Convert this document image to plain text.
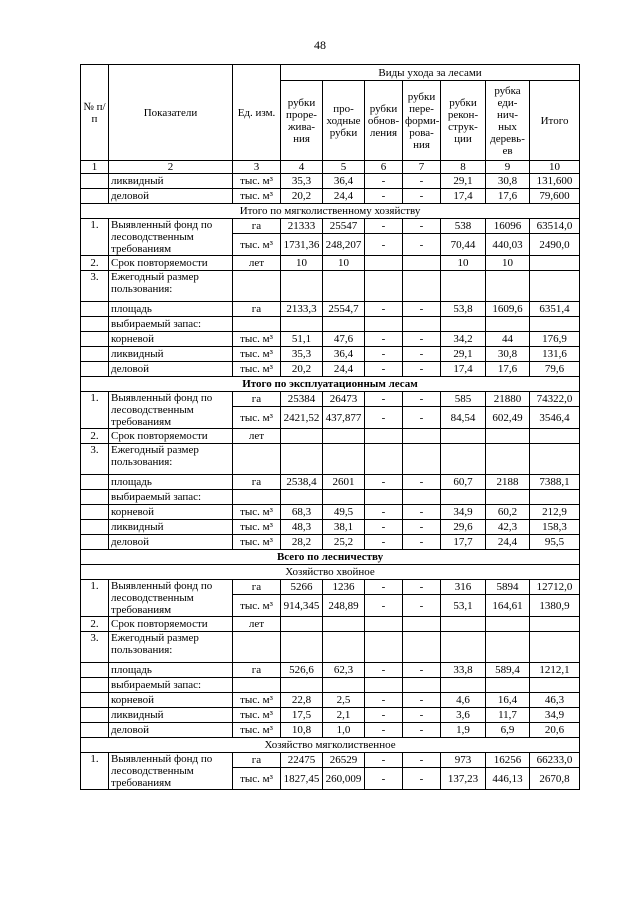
48
№ п/п	Показатели	Ед. изм.	Виды ухода за лесами						
			рубки проре-жива-ния	про-ходные рубки	рубки обнов-ления	рубки пере-форми-рова-ния	рубки рекон-струк-ции	рубка еди-нич-ных деревь-ев	Итого
1	2	3	4	5	6	7	8	9	10
	ликвидный	тыс. м³	35,3	36,4	-	-	29,1	30,8	131,600
	деловой	тыс. м³	20,2	24,4	-	-	17,4	17,6	79,600
Итого по мягколиственному хозяйству									
1.	Выявленный фонд по лесоводственным требованиям	га	21333	25547	-	-	538	16096	63514,0
		тыс. м³	1731,36	248,207	-	-	70,44	440,03	2490,0
2.	Срок повторяемости	лет	10	10			10	10	
3.	Ежегодный размер пользования:								
	площадь	га	2133,3	2554,7	-	-	53,8	1609,6	6351,4
	выбираемый запас:								
	корневой	тыс. м³	51,1	47,6	-	-	34,2	44	176,9
	ликвидный	тыс. м³	35,3	36,4	-	-	29,1	30,8	131,6
	деловой	тыс. м³	20,2	24,4	-	-	17,4	17,6	79,6
Итого по эксплуатационным лесам									
1.	Выявленный фонд по лесоводственным требованиям	га	25384	26473	-	-	585	21880	74322,0
		тыс. м³	2421,52	437,877	-	-	84,54	602,49	3546,4
2.	Срок повторяемости	лет							
3.	Ежегодный размер пользования:								
	площадь	га	2538,4	2601	-	-	60,7	2188	7388,1
	выбираемый запас:								
	корневой	тыс. м³	68,3	49,5	-	-	34,9	60,2	212,9
	ликвидный	тыс. м³	48,3	38,1	-	-	29,6	42,3	158,3
	деловой	тыс. м³	28,2	25,2	-	-	17,7	24,4	95,5
Всего по лесничеству									
Хозяйство хвойное									
1.	Выявленный фонд по лесоводственным требованиям	га	5266	1236	-	-	316	5894	12712,0
		тыс. м³	914,345	248,89	-	-	53,1	164,61	1380,9
2.	Срок повторяемости	лет							
3.	Ежегодный размер пользования:								
	площадь	га	526,6	62,3	-	-	33,8	589,4	1212,1
	выбираемый запас:								
	корневой	тыс. м³	22,8	2,5	-	-	4,6	16,4	46,3
	ликвидный	тыс. м³	17,5	2,1	-	-	3,6	11,7	34,9
	деловой	тыс. м³	10,8	1,0	-	-	1,9	6,9	20,6
Хозяйство мягколиственное									
1.	Выявленный фонд по лесоводственным требованиям	га	22475	26529	-	-	973	16256	66233,0
		тыс. м³	1827,45	260,009	-	-	137,23	446,13	2670,8
